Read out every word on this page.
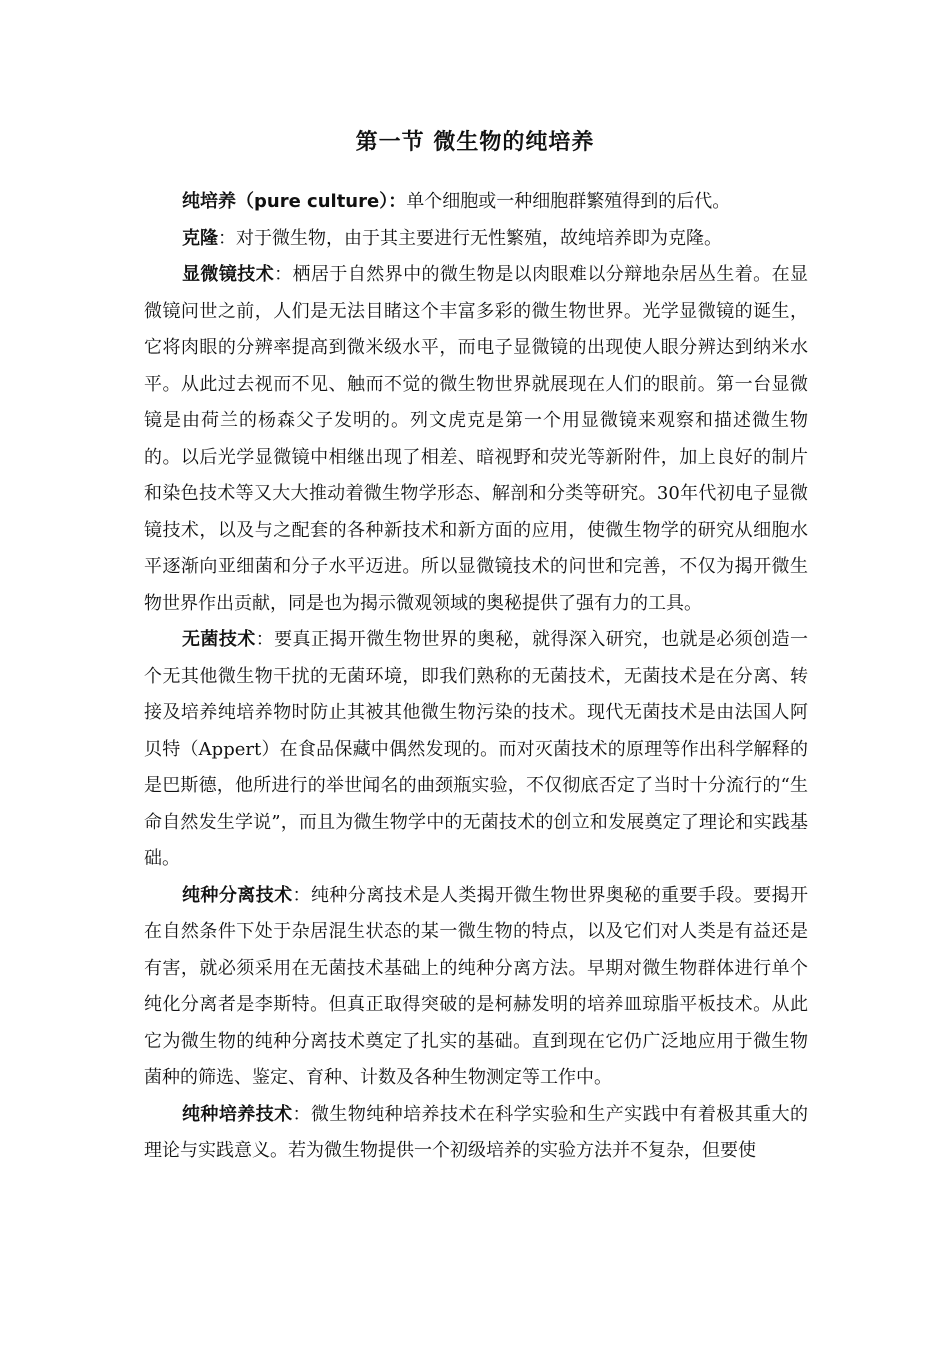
第一节 微生物的纯培养

纯培养（pure culture）：单个细胞或一种细胞群繁殖得到的后代。

克隆：对于微生物，由于其主要进行无性繁殖，故纯培养即为克隆。

显微镜技术：栖居于自然界中的微生物是以肉眼难以分辩地杂居丛生着。在显微镜问世之前，人们是无法目睹这个丰富多彩的微生物世界。光学显微镜的诞生，它将肉眼的分辨率提高到微米级水平，而电子显微镜的出现使人眼分辨达到纳米水平。从此过去视而不见、触而不觉的微生物世界就展现在人们的眼前。第一台显微镜是由荷兰的杨森父子发明的。列文虎克是第一个用显微镜来观察和描述微生物的。以后光学显微镜中相继出现了相差、暗视野和荧光等新附件，加上良好的制片和染色技术等又大大推动着微生物学形态、解剖和分类等研究。30年代初电子显微镜技术，以及与之配套的各种新技术和新方面的应用，使微生物学的研究从细胞水平逐渐向亚细菌和分子水平迈进。所以显微镜技术的问世和完善，不仅为揭开微生物世界作出贡献，同是也为揭示微观领域的奥秘提供了强有力的工具。

无菌技术：要真正揭开微生物世界的奥秘，就得深入研究，也就是必须创造一个无其他微生物干扰的无菌环境，即我们熟称的无菌技术，无菌技术是在分离、转接及培养纯培养物时防止其被其他微生物污染的技术。现代无菌技术是由法国人阿贝特（Appert）在食品保藏中偶然发现的。而对灭菌技术的原理等作出科学解释的是巴斯德，他所进行的举世闻名的曲颈瓶实验，不仅彻底否定了当时十分流行的“生命自然发生学说”，而且为微生物学中的无菌技术的创立和发展奠定了理论和实践基础。

纯种分离技术：纯种分离技术是人类揭开微生物世界奥秘的重要手段。要揭开在自然条件下处于杂居混生状态的某一微生物的特点，以及它们对人类是有益还是有害，就必须采用在无菌技术基础上的纯种分离方法。早期对微生物群体进行单个纯化分离者是李斯特。但真正取得突破的是柯赫发明的培养皿琼脂平板技术。从此它为微生物的纯种分离技术奠定了扎实的基础。直到现在它仍广泛地应用于微生物菌种的筛选、鉴定、育种、计数及各种生物测定等工作中。

纯种培养技术：微生物纯种培养技术在科学实验和生产实践中有着极其重大的理论与实践意义。若为微生物提供一个初级培养的实验方法并不复杂，但要使
